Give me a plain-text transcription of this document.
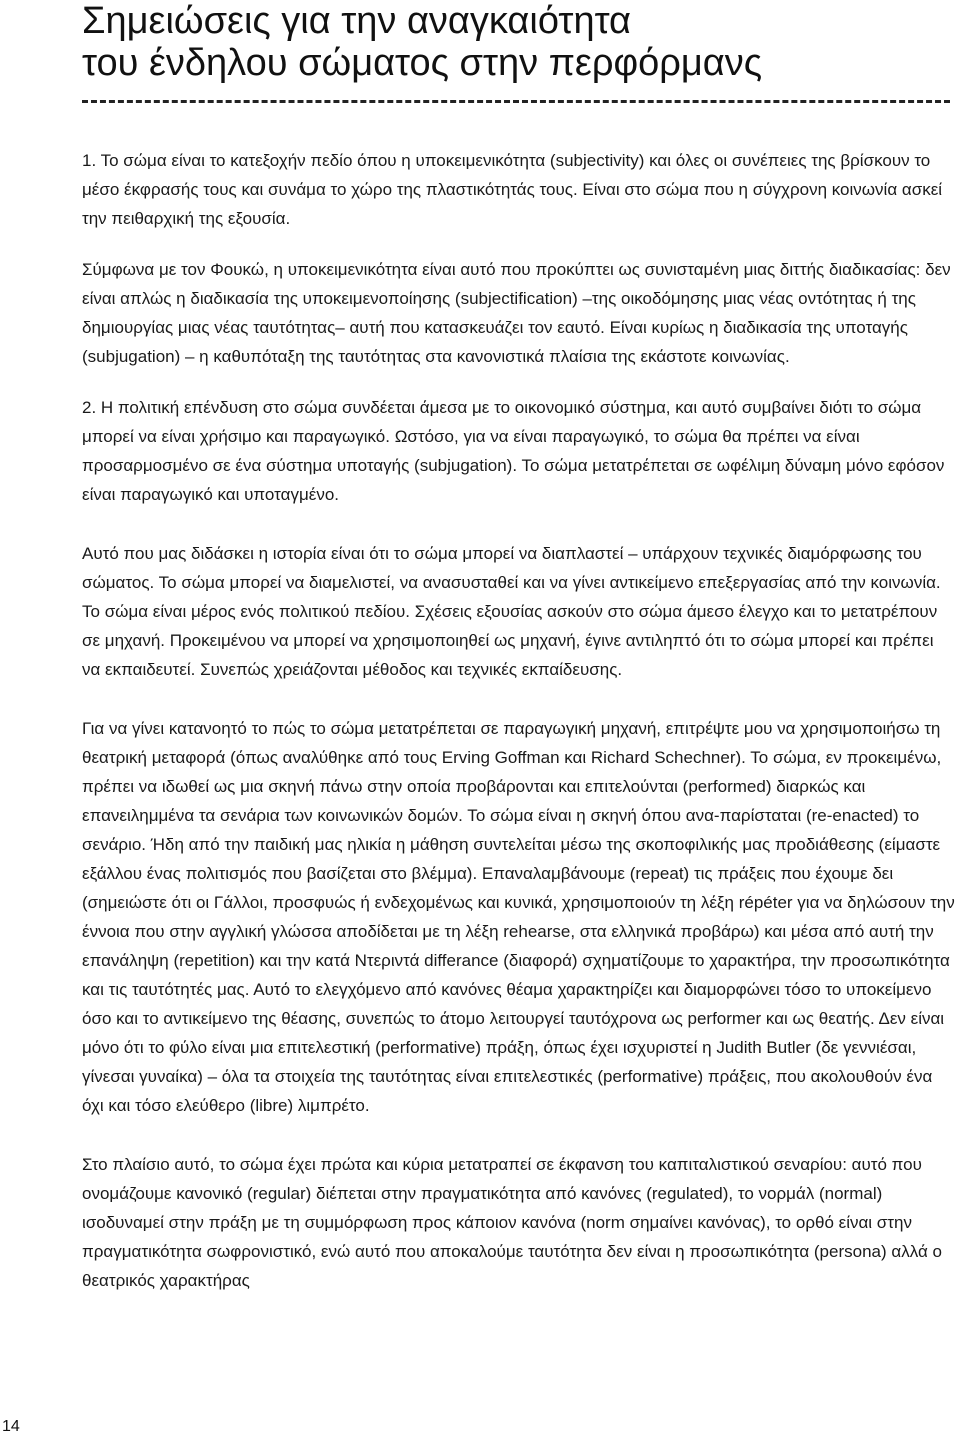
Σημειώσεις για την αναγκαιότητα
του ένδηλου σώματος στην περφόρμανς

1. Το σώμα είναι το κατεξοχήν πεδίο όπου η υποκειμενικότητα (subjectivity) και όλες οι συνέπειες της βρίσκουν το μέσο έκφρασής τους και συνάμα το χώρο της πλαστικότητάς τους. Είναι στο σώμα που η σύγχρονη κοινωνία ασκεί την πειθαρχική της εξουσία.

Σύμφωνα με τον Φουκώ, η υποκειμενικότητα είναι αυτό που προκύπτει ως συνισταμένη μιας διττής διαδικασίας: δεν είναι απλώς η διαδικασία της υποκειμενοποίησης (subjectification) –της οικοδόμησης μιας νέας οντότητας ή της δημιουργίας μιας νέας ταυτότητας– αυτή που κατασκευάζει τον εαυτό. Είναι κυρίως η διαδικασία της υποταγής (subjugation) – η καθυπόταξη της ταυτότητας στα κανονιστικά πλαίσια της εκάστοτε κοινωνίας.

2. Η πολιτική επένδυση στο σώμα συνδέεται άμεσα με το οικονομικό σύστημα, και αυτό συμβαίνει διότι το σώμα μπορεί να είναι χρήσιμο και παραγωγικό. Ωστόσο, για να είναι παραγωγικό, το σώμα θα πρέπει να είναι προσαρμοσμένο σε ένα σύστημα υποταγής (subjugation). Το σώμα μετατρέπεται σε ωφέλιμη δύναμη μόνο εφόσον είναι παραγωγικό και υποταγμένο.

Αυτό που μας διδάσκει η ιστορία είναι ότι το σώμα μπορεί να διαπλαστεί – υπάρχουν τεχνικές διαμόρφωσης του σώματος. Το σώμα μπορεί να διαμελιστεί, να ανασυσταθεί και να γίνει αντικείμενο επεξεργασίας από την κοινωνία. Το σώμα είναι μέρος ενός πολιτικού πεδίου. Σχέσεις εξουσίας ασκούν στο σώμα άμεσο έλεγχο και το μετατρέπουν σε μηχανή. Προκειμένου να μπορεί να χρησιμοποιηθεί ως μηχανή, έγινε αντιληπτό ότι το σώμα μπορεί και πρέπει να εκπαιδευτεί. Συνεπώς χρειάζονται μέθοδος και τεχνικές εκπαίδευσης.

Για να γίνει κατανοητό το πώς το σώμα μετατρέπεται σε παραγωγική μηχανή, επιτρέψτε μου να χρησιμοποιήσω τη θεατρική μεταφορά (όπως αναλύθηκε από τους Erving Goffman και Richard Schechner). Το σώμα, εν προκειμένω, πρέπει να ιδωθεί ως μια σκηνή πάνω στην οποία προβάρονται και επιτελούνται (performed) διαρκώς και επανειλημμένα τα σενάρια των κοινωνικών δομών. Το σώμα είναι η σκηνή όπου ανα-παρίσταται (re-enacted) το σενάριο. Ήδη από την παιδική μας ηλικία η μάθηση συντελείται μέσω της σκοποφιλικής μας προδιάθεσης (είμαστε εξάλλου ένας πολιτισμός που βασίζεται στο βλέμμα). Επαναλαμβάνουμε (repeat) τις πράξεις που έχουμε δει (σημειώστε ότι οι Γάλλοι, προσφυώς ή ενδεχομένως και κυνικά, χρησιμοποιούν τη λέξη répéter για να δηλώσουν την έννοια που στην αγγλική γλώσσα αποδίδεται με τη λέξη rehearse, στα ελληνικά προβάρω) και μέσα από αυτή την επανάληψη (repetition) και την κατά Ντεριντά differance (διαφορά) σχηματίζουμε το χαρακτήρα, την προσωπικότητα και τις ταυτότητές μας. Αυτό το ελεγχόμενο από κανόνες θέαμα χαρακτηρίζει και διαμορφώνει τόσο το υποκείμενο όσο και το αντικείμενο της θέασης, συνεπώς το άτομο λειτουργεί ταυτόχρονα ως performer και ως θεατής. Δεν είναι μόνο ότι το φύλο είναι μια επιτελεστική (performative) πράξη, όπως έχει ισχυριστεί η Judith Butler (δε γεννιέσαι, γίνεσαι γυναίκα) – όλα τα στοιχεία της ταυτότητας είναι επιτελεστικές (performative) πράξεις, που ακολουθούν ένα όχι και τόσο ελεύθερο (libre) λιμπρέτο.

Στο πλαίσιο αυτό, το σώμα έχει πρώτα και κύρια μετατραπεί σε έκφανση του καπιταλιστικού σεναρίου: αυτό που ονομάζουμε κανονικό (regular) διέπεται στην πραγματικότητα από κανόνες (regulated), το νορμάλ (normal) ισοδυναμεί στην πράξη με τη συμμόρφωση προς κάποιον κανόνα (norm σημαίνει κανόνας), το ορθό είναι στην πραγματικότητα σωφρονιστικό, ενώ αυτό που αποκαλούμε ταυτότητα δεν είναι η προσωπικότητα (persona) αλλά ο θεατρικός χαρακτήρας

14
